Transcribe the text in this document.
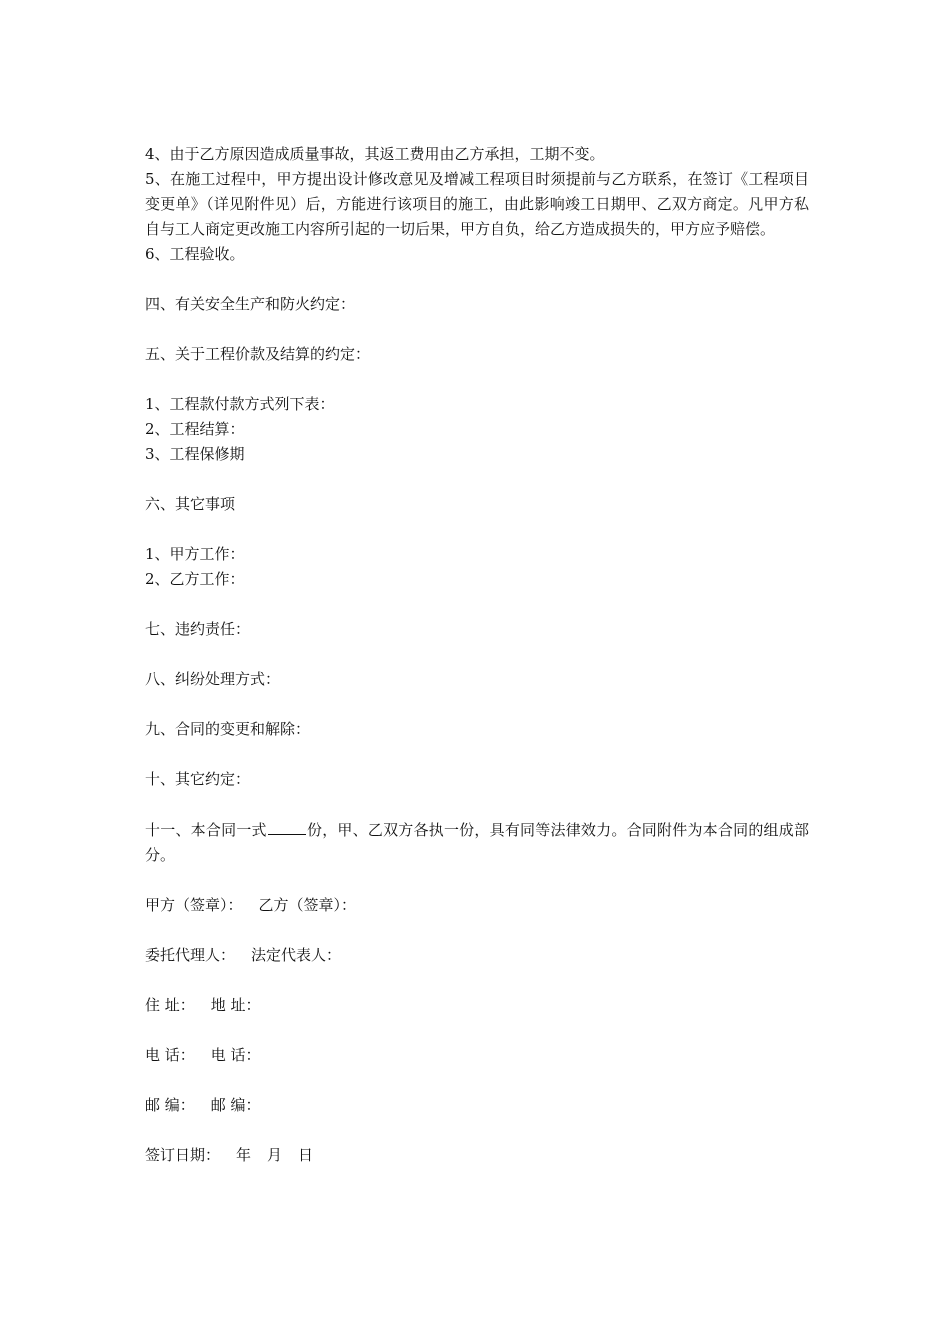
4、由于乙方原因造成质量事故，其返工费用由乙方承担，工期不变。
5、在施工过程中，甲方提出设计修改意见及增减工程项目时须提前与乙方联系，在签订《工程项目变更单》（详见附件见）后，方能进行该项目的施工，由此影响竣工日期甲、乙双方商定。凡甲方私自与工人商定更改施工内容所引起的一切后果，甲方自负，给乙方造成损失的，甲方应予赔偿。
6、工程验收。
四、有关安全生产和防火约定：
五、关于工程价款及结算的约定：
1、工程款付款方式列下表：
2、工程结算：
3、工程保修期
六、其它事项
1、甲方工作：
2、乙方工作：
七、违约责任：
八、纠纷处理方式：
九、合同的变更和解除：
十、其它约定：
十一、本合同一式	份，甲、乙双方各执一份，具有同等法律效力。合同附件为本合同的组成部分。
甲方（签章）： 乙方（签章）：
委托代理人： 法定代表人：
住 址： 地 址：
电 话： 电 话：
邮 编： 邮 编：
签订日期： 年 月 日
